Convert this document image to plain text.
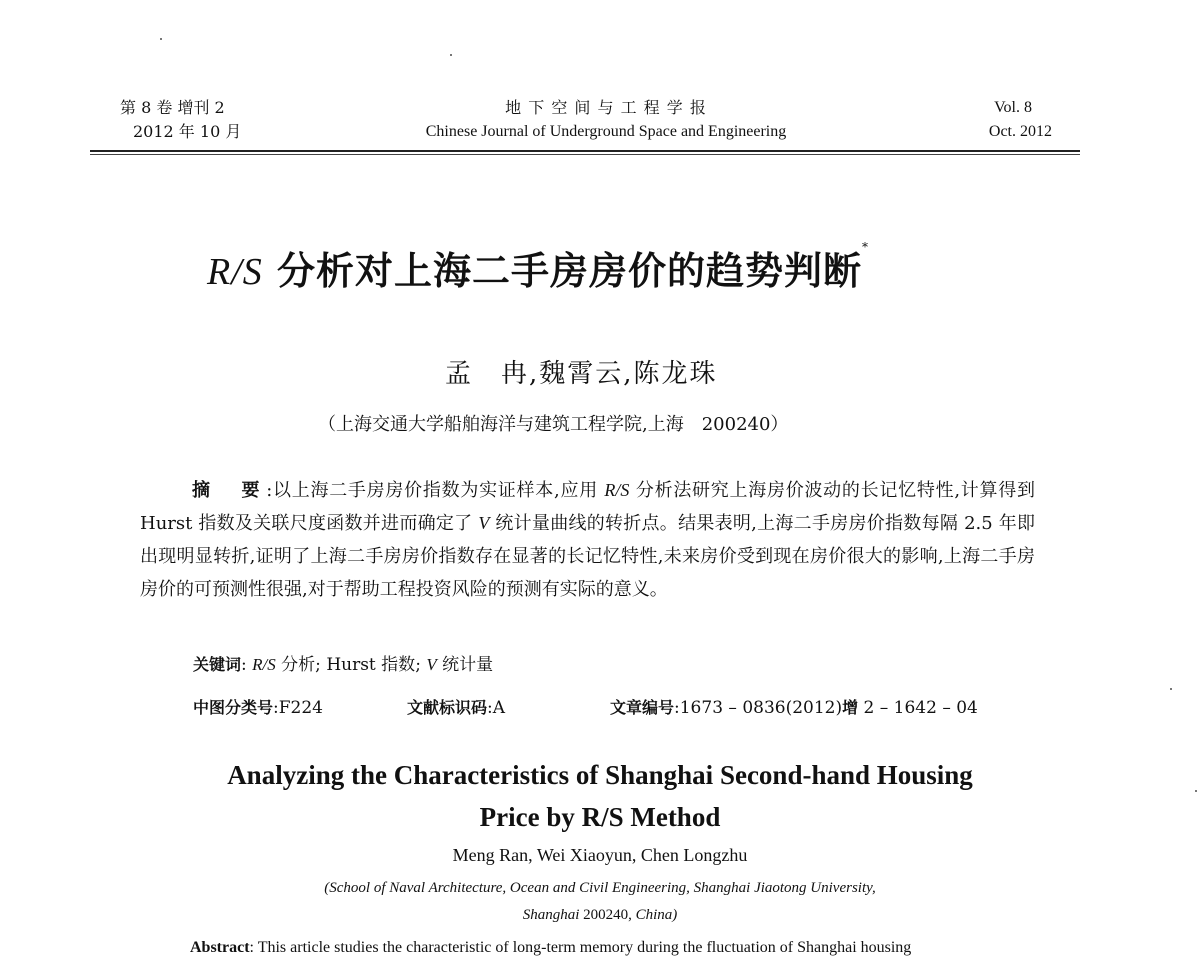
第 8 卷 增刊 2
2012 年 10 月
地 下 空 间 与 工 程 学 报
Chinese Journal of Underground Space and Engineering
Vol. 8
Oct. 2012
R/S 分析对上海二手房房价的趋势判断*
孟　冉,魏霄云,陈龙珠
（上海交通大学船舶海洋与建筑工程学院,上海　200240）
摘　要:以上海二手房房价指数为实证样本,应用 R/S 分析法研究上海房价波动的长记忆特性,计算得到 Hurst 指数及关联尺度函数并进而确定了 V 统计量曲线的转折点。结果表明,上海二手房房价指数每隔 2.5 年即出现明显转折,证明了上海二手房房价指数存在显著的长记忆特性,未来房价受到现在房价很大的影响,上海二手房房价的可预测性很强,对于帮助工程投资风险的预测有实际的意义。
关键词: R/S 分析; Hurst 指数; V 统计量
中图分类号:F224	文献标识码:A	文章编号:1673 – 0836(2012)增 2 – 1642 – 04
Analyzing the Characteristics of Shanghai Second-hand Housing
Price by R/S Method
Meng Ran, Wei Xiaoyun, Chen Longzhu
(School of Naval Architecture, Ocean and Civil Engineering, Shanghai Jiaotong University,
Shanghai 200240, China)
Abstract: This article studies the characteristic of long-term memory during the fluctuation of Shanghai housing
